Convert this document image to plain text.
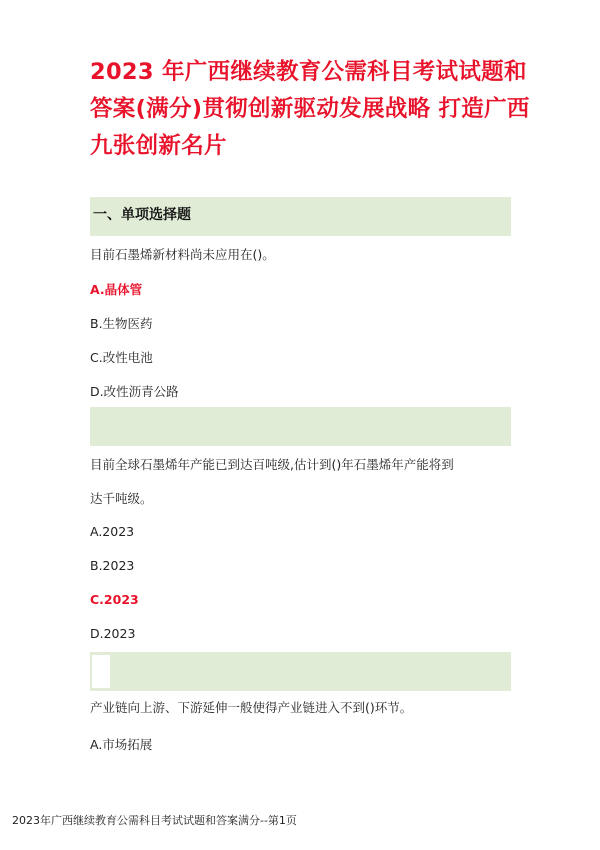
2023 年广西继续教育公需科目考试试题和答案(满分)贯彻创新驱动发展战略 打造广西九张创新名片
一、单项选择题
目前石墨烯新材料尚未应用在()。
A.晶体管
B.生物医药
C.改性电池
D.改性沥青公路
目前全球石墨烯年产能已到达百吨级,估计到()年石墨烯年产能将到
达千吨级。
A.2023
B.2023
C.2023
D.2023
产业链向上游、下游延伸一般使得产业链进入不到()环节。
A.市场拓展
2023年广西继续教育公需科目考试试题和答案满分--第1页
